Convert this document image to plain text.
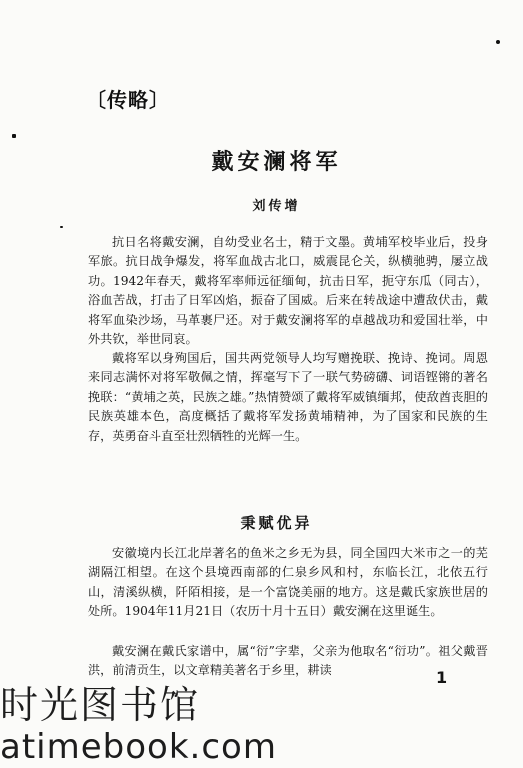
〔传略〕
戴安澜将军
刘传增

抗日名将戴安澜，自幼受业名士，精于文墨。黄埔军校毕业后，投身军旅。抗日战争爆发，将军血战古北口，威震昆仑关，纵横驰骋，屡立战功。1942年春天，戴将军率师远征缅甸，抗击日军，扼守东瓜（同古），浴血苦战，打击了日军凶焰，振奋了国威。后来在转战途中遭敌伏击，戴将军血染沙场，马革裹尸还。对于戴安澜将军的卓越战功和爱国壮举，中外共钦，举世同哀。

戴将军以身殉国后，国共两党领导人均写赠挽联、挽诗、挽词。周恩来同志满怀对将军敬佩之情，挥毫写下了一联气势磅礴、词语铿锵的著名挽联：“黄埔之英，民族之雄。”热情赞颂了戴将军威镇缅邦，使敌酋丧胆的民族英雄本色，高度概括了戴将军发扬黄埔精神，为了国家和民族的生存，英勇奋斗直至壮烈牺牲的光辉一生。

秉赋优异

安徽境内长江北岸著名的鱼米之乡无为县，同全国四大米市之一的芜湖隔江相望。在这个县境西南部的仁泉乡风和村，东临长江，北依五行山，清溪纵横，阡陌相接，是一个富饶美丽的地方。这是戴氏家族世居的处所。1904年11月21日（农历十月十五日）戴安澜在这里诞生。

戴安澜在戴氏家谱中，属“衍”字辈，父亲为他取名“衍功”。祖父戴晋洪，前清贡生，以文章精美著名于乡里，耕读	1
时光图书馆
atimebook.com
